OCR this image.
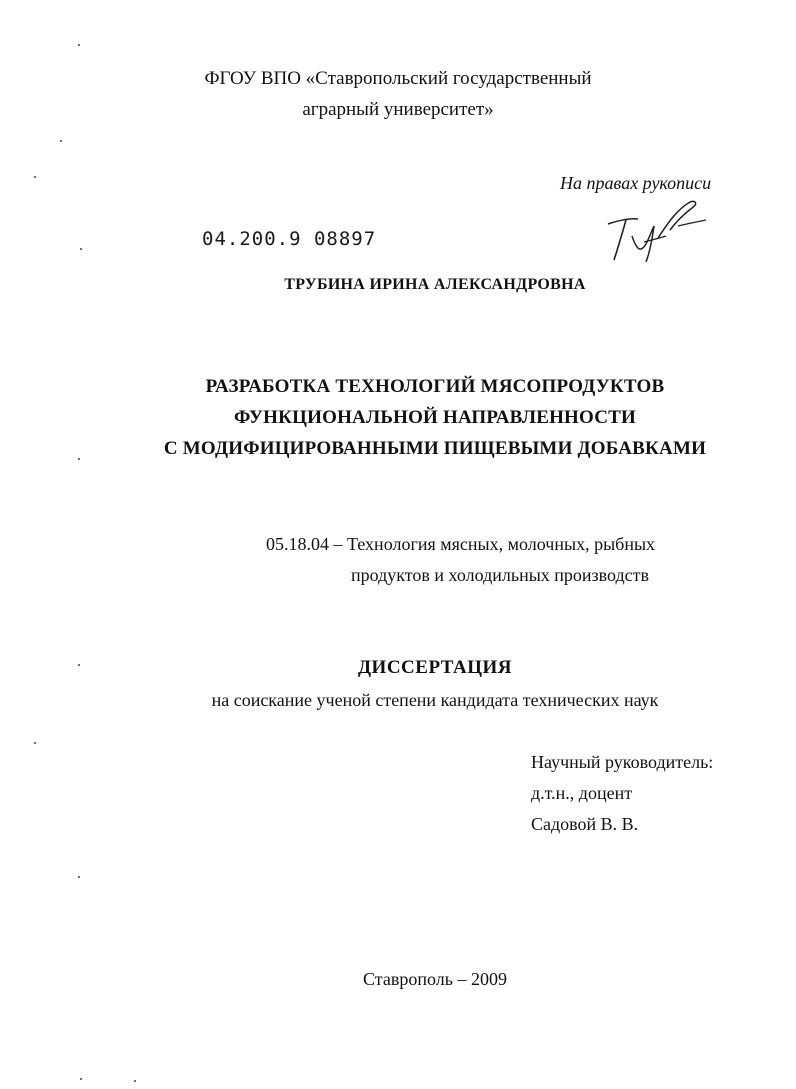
ФГОУ ВПО «Ставропольский государственный
аграрный университет»
На правах рукописи
04.200.9 08897
ТРУБИНА ИРИНА АЛЕКСАНДРОВНА
РАЗРАБОТКА ТЕХНОЛОГИЙ МЯСОПРОДУКТОВ
ФУНКЦИОНАЛЬНОЙ НАПРАВЛЕННОСТИ
С МОДИФИЦИРОВАННЫМИ ПИЩЕВЫМИ ДОБАВКАМИ
05.18.04 – Технология мясных, молочных, рыбных
продуктов и холодильных производств
ДИССЕРТАЦИЯ
на соискание ученой степени кандидата технических наук
Научный руководитель:
д.т.н., доцент
Садовой В. В.
Ставрополь – 2009
